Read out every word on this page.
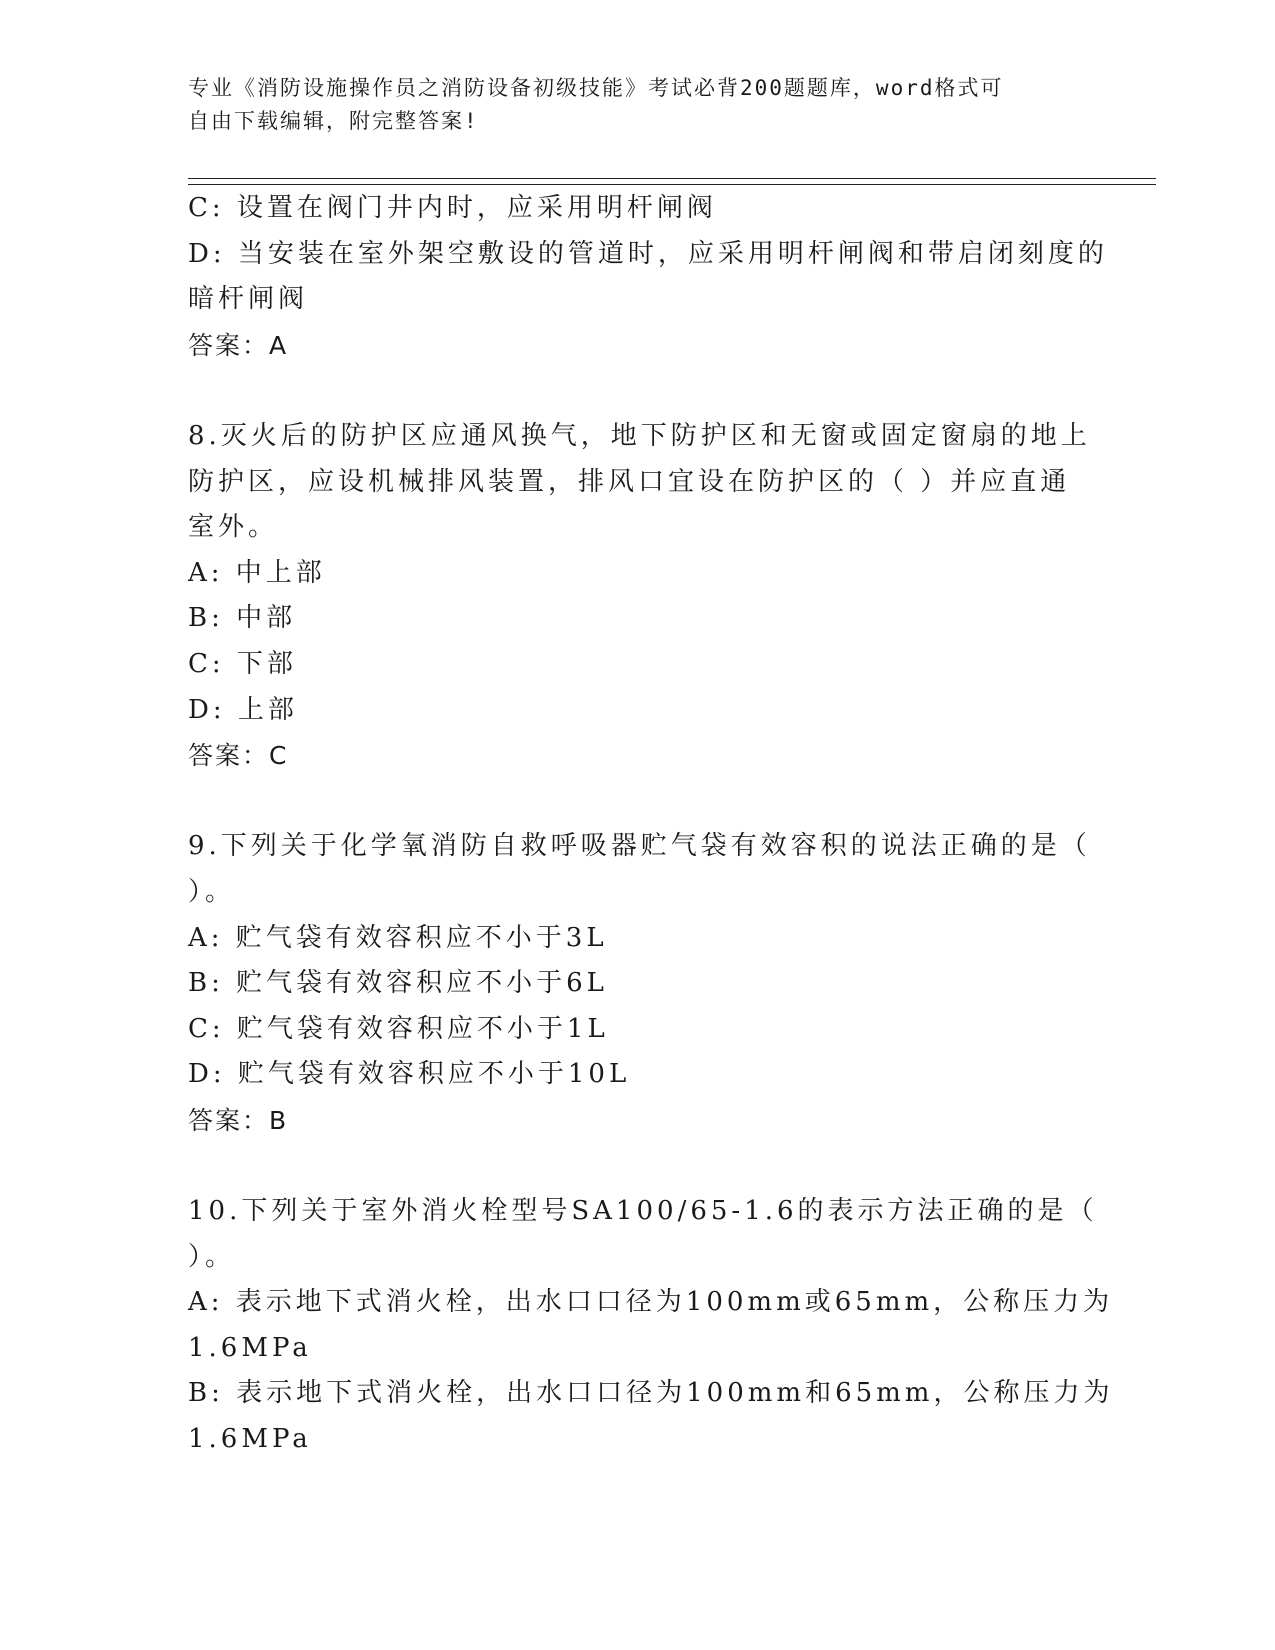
专业《消防设施操作员之消防设备初级技能》考试必背200题题库，word格式可
自由下载编辑，附完整答案!
C: 设置在阀门井内时，应采用明杆闸阀
D: 当安装在室外架空敷设的管道时，应采用明杆闸阀和带启闭刻度的
暗杆闸阀
答案：A
8.灭火后的防护区应通风换气，地下防护区和无窗或固定窗扇的地上
防护区，应设机械排风装置，排风口宜设在防护区的（ ）并应直通
室外。
A: 中上部
B: 中部
C: 下部
D: 上部
答案：C
9.下列关于化学氧消防自救呼吸器贮气袋有效容积的说法正确的是（
）。
A: 贮气袋有效容积应不小于3L
B: 贮气袋有效容积应不小于6L
C: 贮气袋有效容积应不小于1L
D: 贮气袋有效容积应不小于10L
答案：B
10.下列关于室外消火栓型号SA100/65-1.6的表示方法正确的是（
）。
A: 表示地下式消火栓，出水口口径为100mm或65mm，公称压力为
1.6MPa
B: 表示地下式消火栓，出水口口径为100mm和65mm，公称压力为
1.6MPa
